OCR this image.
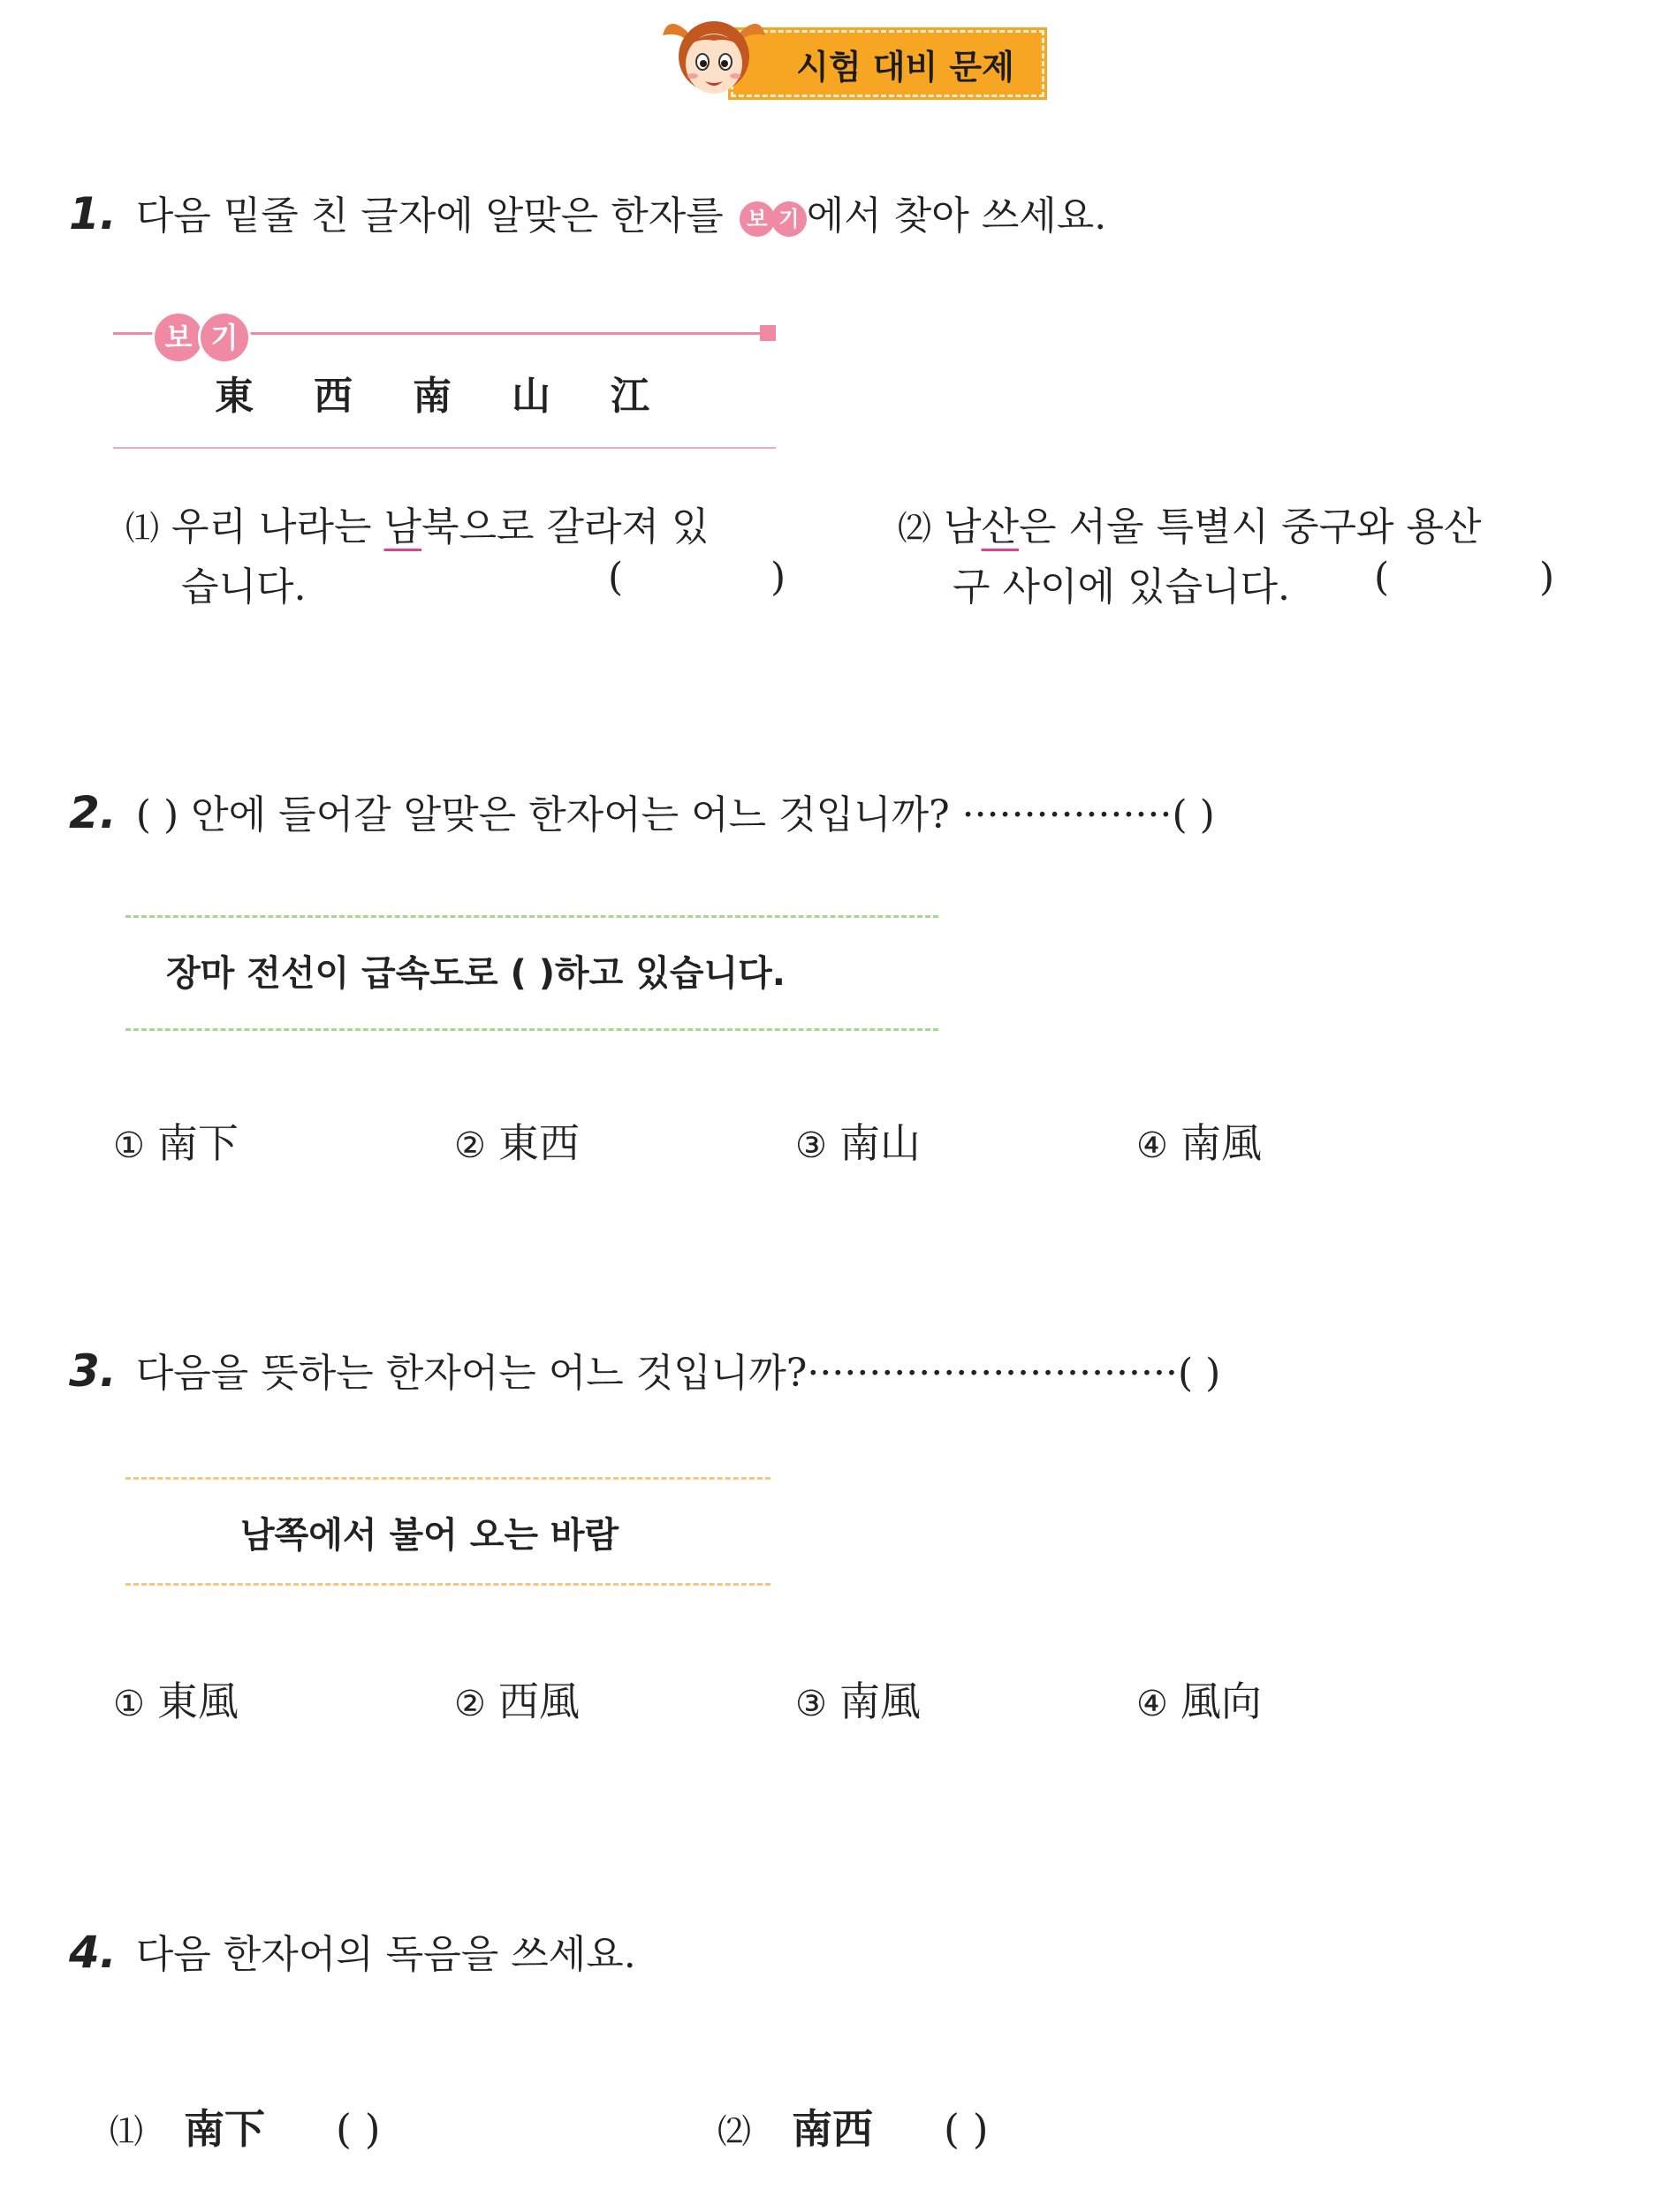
시험 대비 문제
1. 다음 밑줄 친 글자에 알맞은 한자를	보 기 에서 찾아 쓰세요.
보 기
東 西 南 山 江
⑴ 우리 나라는 남북으로 갈라져 있
습니다.	(	)
⑵ 남산은 서울 특별시 중구와 용산
구 사이에 있습니다. (	)
2. ( ) 안에 들어갈 알맞은 한자어는 어느 것입니까? ·················( )
장마 전선이 급속도로 ( )하고 있습니다.
① 南下	② 東西	③ 南山	④ 南風
3. 다음을 뜻하는 한자어는 어느 것입니까?······························( )
남쪽에서 불어 오는 바람
① 東風	② 西風	③ 南風	④ 風向
4. 다음 한자어의 독음을 쓰세요.
⑴ 南下 ( )	⑵ 南西 ( )
